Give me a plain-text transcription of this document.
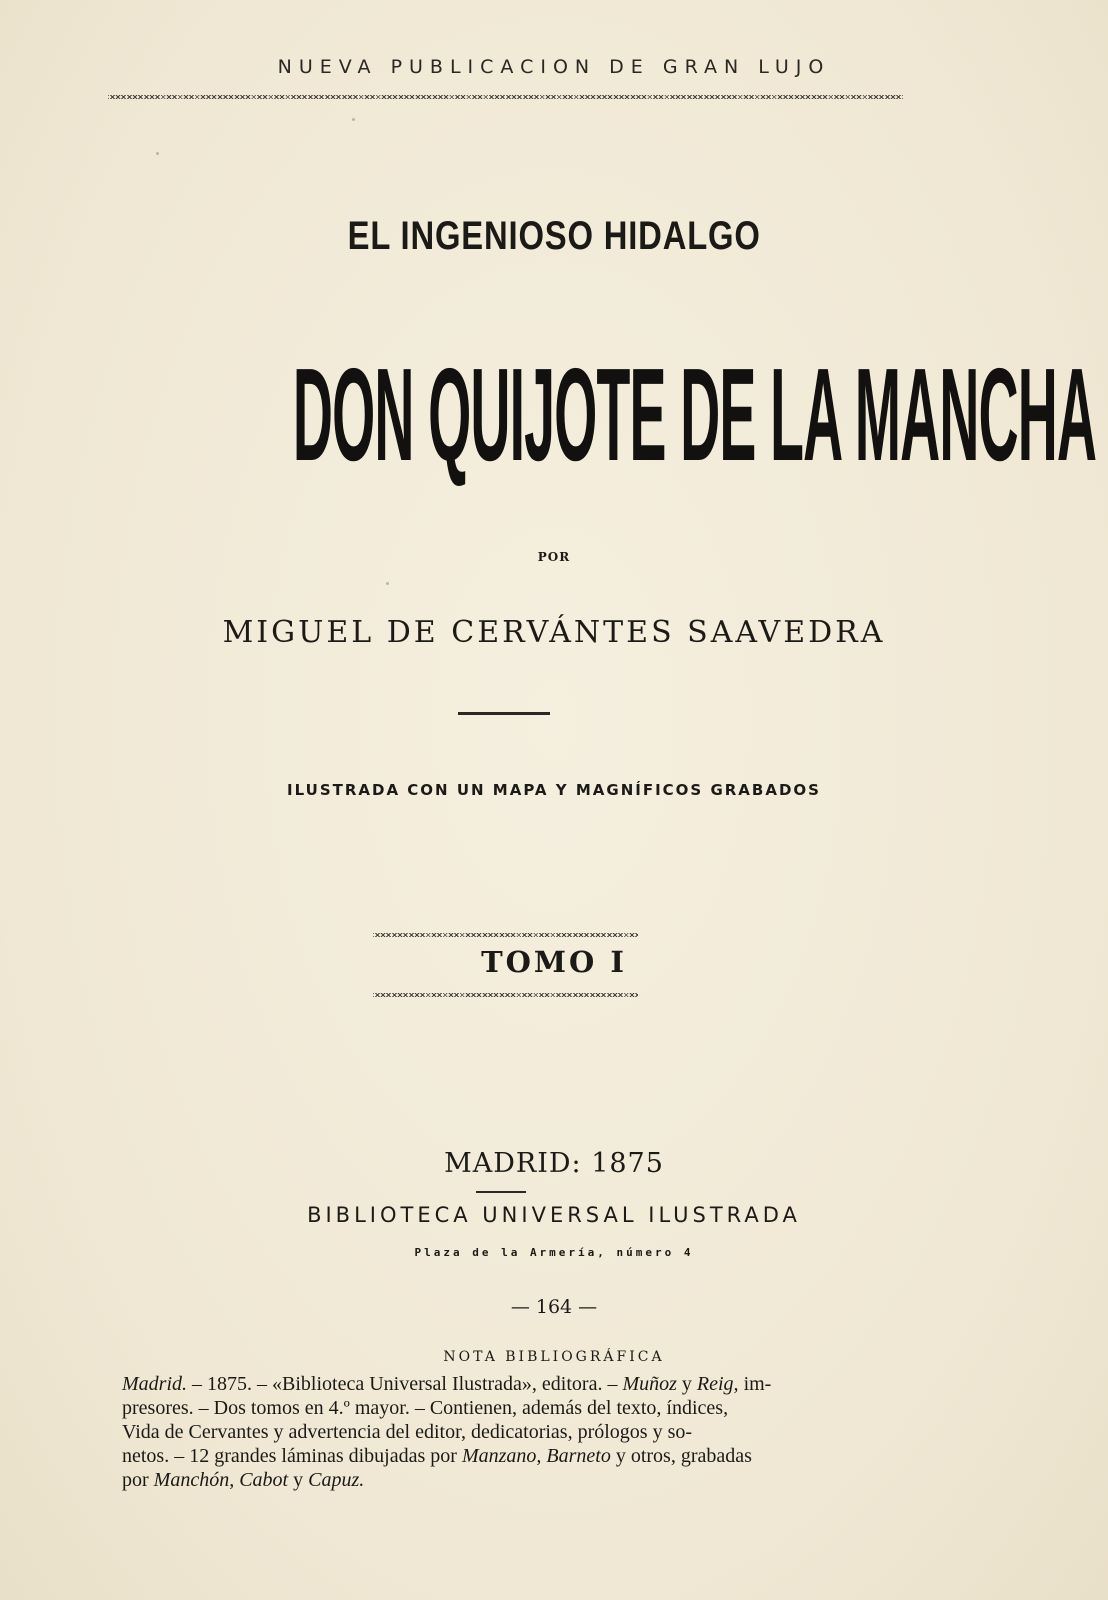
NUEVA PUBLICACION DE GRAN LUJO
EL INGENIOSO HIDALGO
DON QUIJOTE DE LA MANCHA
POR
MIGUEL DE CERVÁNTES SAAVEDRA
ILUSTRADA CON UN MAPA Y MAGNÍFICOS GRABADOS
TOMO I
MADRID: 1875
BIBLIOTECA UNIVERSAL ILUSTRADA
Plaza de la Armería, número 4
— 164 —
NOTA BIBLIOGRÁFICA
Madrid. – 1875. – «Biblioteca Universal Ilustrada», editora. – Muñoz y Reig, im-
presores. – Dos tomos en 4.º mayor. – Contienen, además del texto, índices,
Vida de Cervantes y advertencia del editor, dedicatorias, prólogos y so-
netos. – 12 grandes láminas dibujadas por Manzano, Barneto y otros, grabadas
por Manchón, Cabot y Capuz.
